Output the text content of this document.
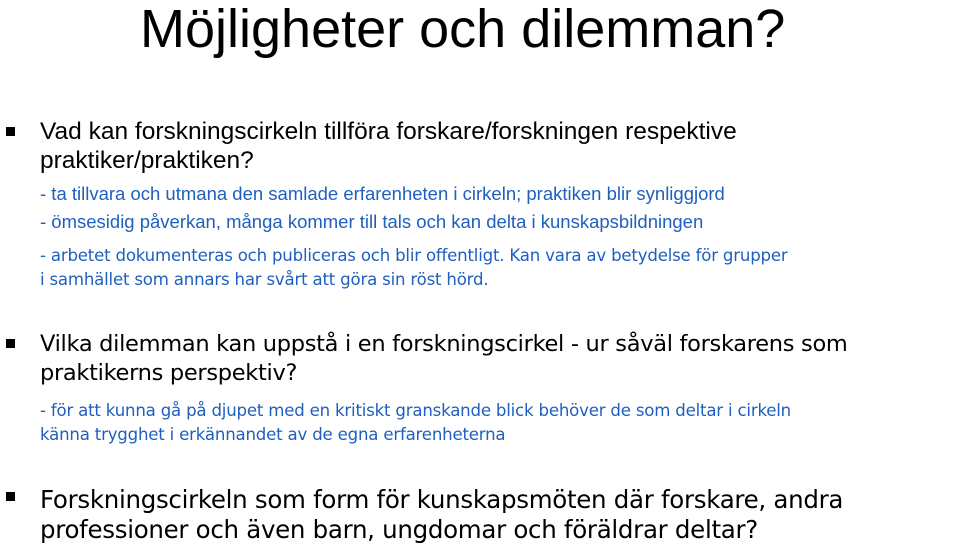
Möjligheter och dilemman?
Vad kan forskningscirkeln tillföra forskare/forskningen respektive
praktiker/praktiken?
- ta tillvara och utmana den samlade erfarenheten i cirkeln; praktiken blir synliggjord
- ömsesidig påverkan, många kommer till tals och kan delta i kunskapsbildningen
- arbetet dokumenteras och publiceras och blir offentligt. Kan vara av betydelse för grupper
i samhället som annars har svårt att göra sin röst hörd.
Vilka dilemman kan uppstå i en forskningscirkel - ur såväl forskarens som
praktikerns perspektiv?
- för att kunna gå på djupet med en kritiskt granskande blick behöver de som deltar i cirkeln
känna trygghet i erkännandet av de egna erfarenheterna
Forskningscirkeln som form för kunskapsmöten där forskare, andra
professioner och även barn, ungdomar och föräldrar deltar?
